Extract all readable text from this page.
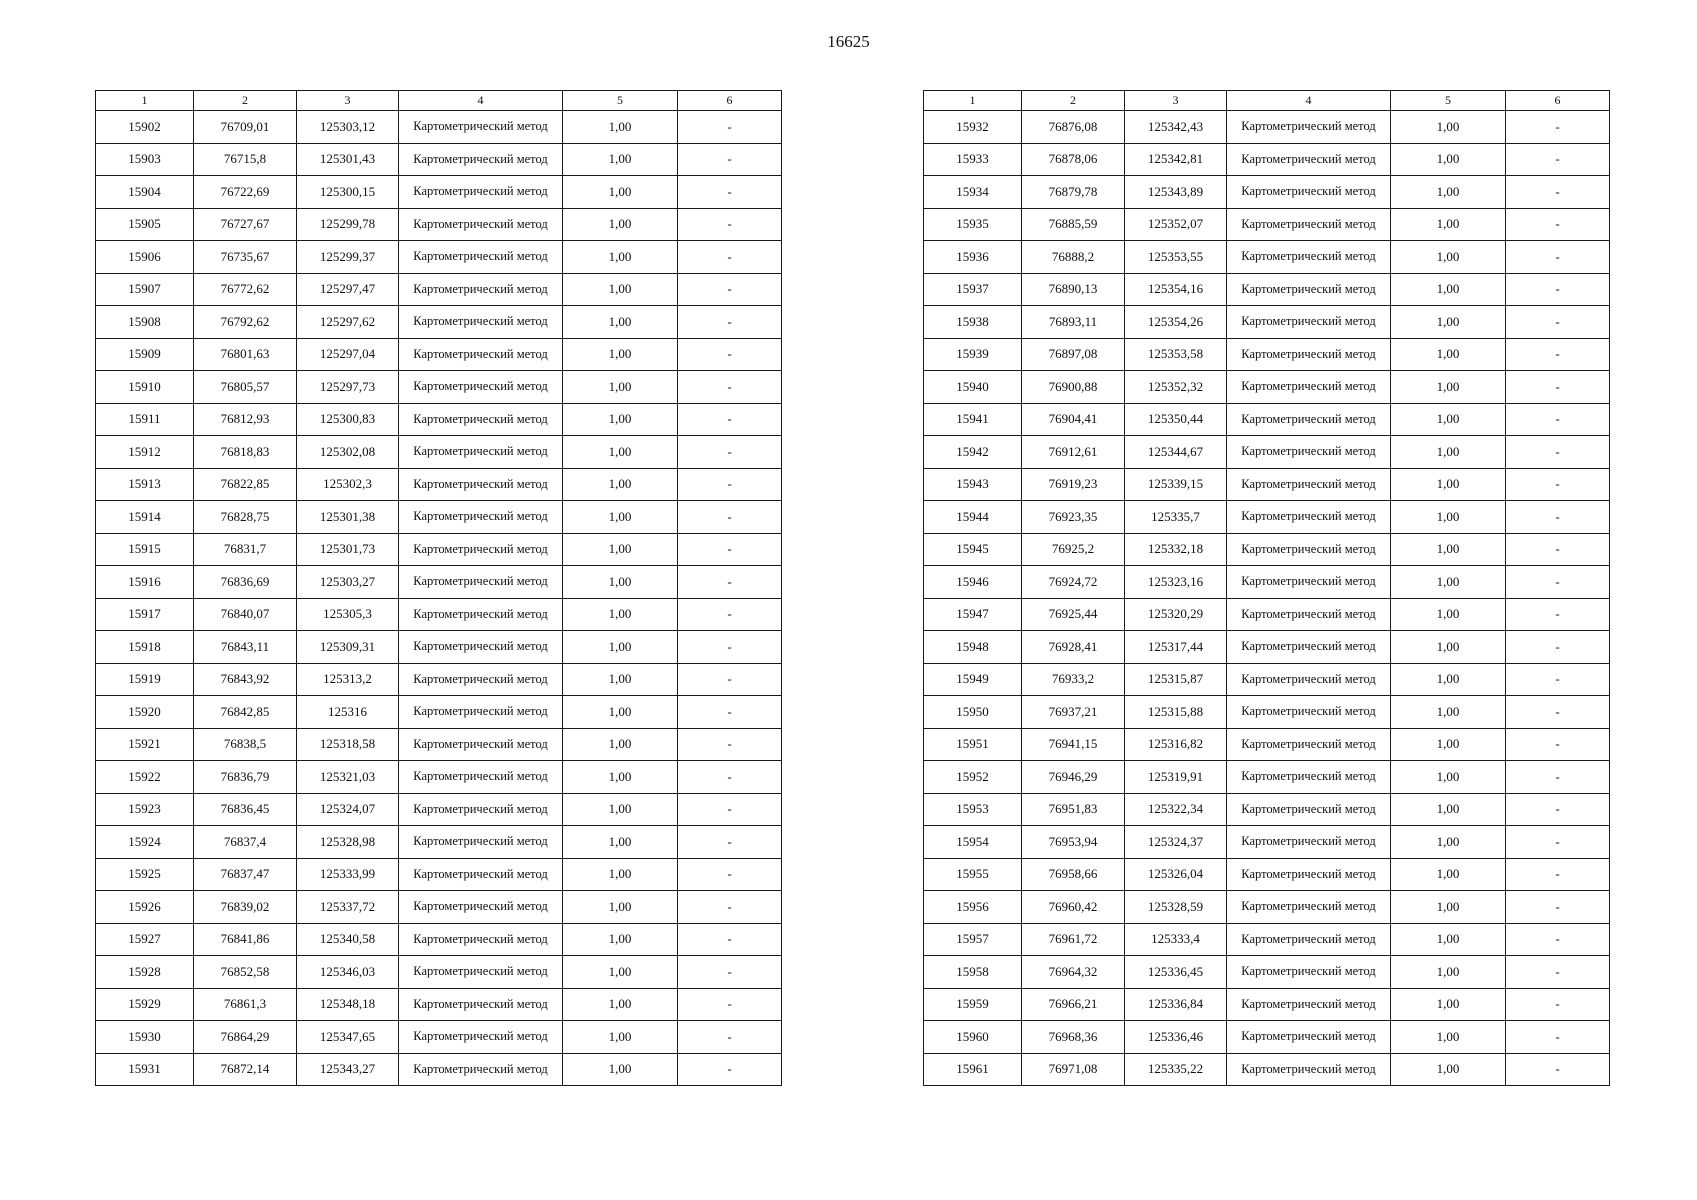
16625
1	2	3	4	5	6
15902	76709,01	125303,12	Картометрический метод	1,00	-
15903	76715,8	125301,43	Картометрический метод	1,00	-
15904	76722,69	125300,15	Картометрический метод	1,00	-
15905	76727,67	125299,78	Картометрический метод	1,00	-
15906	76735,67	125299,37	Картометрический метод	1,00	-
15907	76772,62	125297,47	Картометрический метод	1,00	-
15908	76792,62	125297,62	Картометрический метод	1,00	-
15909	76801,63	125297,04	Картометрический метод	1,00	-
15910	76805,57	125297,73	Картометрический метод	1,00	-
15911	76812,93	125300,83	Картометрический метод	1,00	-
15912	76818,83	125302,08	Картометрический метод	1,00	-
15913	76822,85	125302,3	Картометрический метод	1,00	-
15914	76828,75	125301,38	Картометрический метод	1,00	-
15915	76831,7	125301,73	Картометрический метод	1,00	-
15916	76836,69	125303,27	Картометрический метод	1,00	-
15917	76840,07	125305,3	Картометрический метод	1,00	-
15918	76843,11	125309,31	Картометрический метод	1,00	-
15919	76843,92	125313,2	Картометрический метод	1,00	-
15920	76842,85	125316	Картометрический метод	1,00	-
15921	76838,5	125318,58	Картометрический метод	1,00	-
15922	76836,79	125321,03	Картометрический метод	1,00	-
15923	76836,45	125324,07	Картометрический метод	1,00	-
15924	76837,4	125328,98	Картометрический метод	1,00	-
15925	76837,47	125333,99	Картометрический метод	1,00	-
15926	76839,02	125337,72	Картометрический метод	1,00	-
15927	76841,86	125340,58	Картометрический метод	1,00	-
15928	76852,58	125346,03	Картометрический метод	1,00	-
15929	76861,3	125348,18	Картометрический метод	1,00	-
15930	76864,29	125347,65	Картометрический метод	1,00	-
15931	76872,14	125343,27	Картометрический метод	1,00	-
1	2	3	4	5	6
15932	76876,08	125342,43	Картометрический метод	1,00	-
15933	76878,06	125342,81	Картометрический метод	1,00	-
15934	76879,78	125343,89	Картометрический метод	1,00	-
15935	76885,59	125352,07	Картометрический метод	1,00	-
15936	76888,2	125353,55	Картометрический метод	1,00	-
15937	76890,13	125354,16	Картометрический метод	1,00	-
15938	76893,11	125354,26	Картометрический метод	1,00	-
15939	76897,08	125353,58	Картометрический метод	1,00	-
15940	76900,88	125352,32	Картометрический метод	1,00	-
15941	76904,41	125350,44	Картометрический метод	1,00	-
15942	76912,61	125344,67	Картометрический метод	1,00	-
15943	76919,23	125339,15	Картометрический метод	1,00	-
15944	76923,35	125335,7	Картометрический метод	1,00	-
15945	76925,2	125332,18	Картометрический метод	1,00	-
15946	76924,72	125323,16	Картометрический метод	1,00	-
15947	76925,44	125320,29	Картометрический метод	1,00	-
15948	76928,41	125317,44	Картометрический метод	1,00	-
15949	76933,2	125315,87	Картометрический метод	1,00	-
15950	76937,21	125315,88	Картометрический метод	1,00	-
15951	76941,15	125316,82	Картометрический метод	1,00	-
15952	76946,29	125319,91	Картометрический метод	1,00	-
15953	76951,83	125322,34	Картометрический метод	1,00	-
15954	76953,94	125324,37	Картометрический метод	1,00	-
15955	76958,66	125326,04	Картометрический метод	1,00	-
15956	76960,42	125328,59	Картометрический метод	1,00	-
15957	76961,72	125333,4	Картометрический метод	1,00	-
15958	76964,32	125336,45	Картометрический метод	1,00	-
15959	76966,21	125336,84	Картометрический метод	1,00	-
15960	76968,36	125336,46	Картометрический метод	1,00	-
15961	76971,08	125335,22	Картометрический метод	1,00	-
